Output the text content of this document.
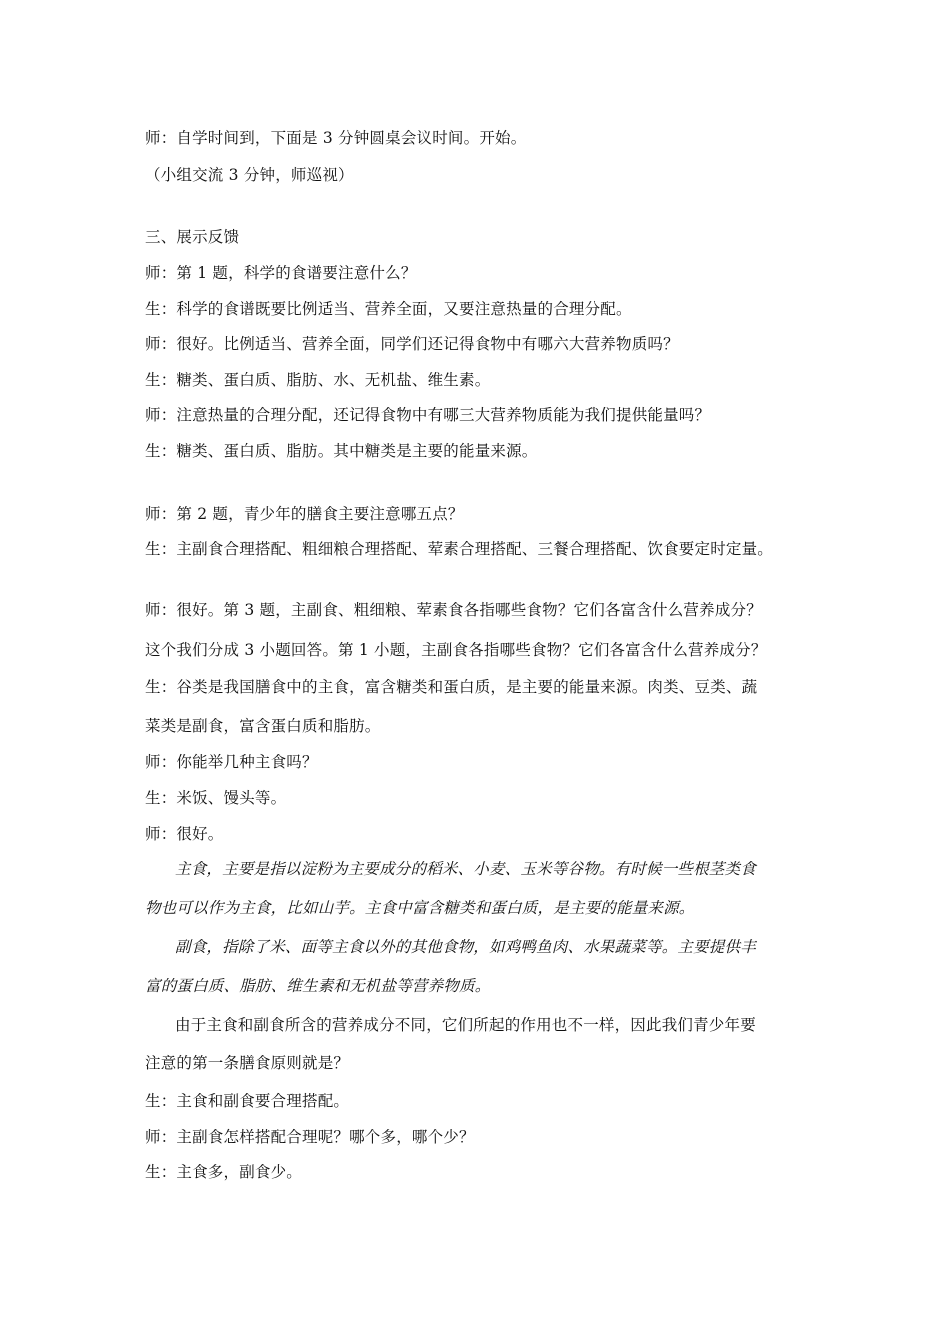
师：自学时间到，下面是 3 分钟圆桌会议时间。开始。
（小组交流 3 分钟，师巡视）
三、展示反馈
师：第 1 题，科学的食谱要注意什么？
生：科学的食谱既要比例适当、营养全面，又要注意热量的合理分配。
师：很好。比例适当、营养全面，同学们还记得食物中有哪六大营养物质吗？
生：糖类、蛋白质、脂肪、水、无机盐、维生素。
师：注意热量的合理分配，还记得食物中有哪三大营养物质能为我们提供能量吗？
生：糖类、蛋白质、脂肪。其中糖类是主要的能量来源。
师：第 2 题，青少年的膳食主要注意哪五点？
生：主副食合理搭配、粗细粮合理搭配、荤素合理搭配、三餐合理搭配、饮食要定时定量。
师：很好。第 3 题，主副食、粗细粮、荤素食各指哪些食物？它们各富含什么营养成分？
这个我们分成 3 小题回答。第 1 小题，主副食各指哪些食物？它们各富含什么营养成分？
生：谷类是我国膳食中的主食，富含糖类和蛋白质，是主要的能量来源。肉类、豆类、蔬
菜类是副食，富含蛋白质和脂肪。
师：你能举几种主食吗？
生：米饭、馒头等。
师：很好。
主食，主要是指以淀粉为主要成分的稻米、小麦、玉米等谷物。有时候一些根茎类食
物也可以作为主食，比如山芋。主食中富含糖类和蛋白质，是主要的能量来源。
副食，指除了米、面等主食以外的其他食物，如鸡鸭鱼肉、水果蔬菜等。主要提供丰
富的蛋白质、脂肪、维生素和无机盐等营养物质。
由于主食和副食所含的营养成分不同，它们所起的作用也不一样，因此我们青少年要
注意的第一条膳食原则就是？
生：主食和副食要合理搭配。
师：主副食怎样搭配合理呢？哪个多，哪个少？
生：主食多，副食少。
